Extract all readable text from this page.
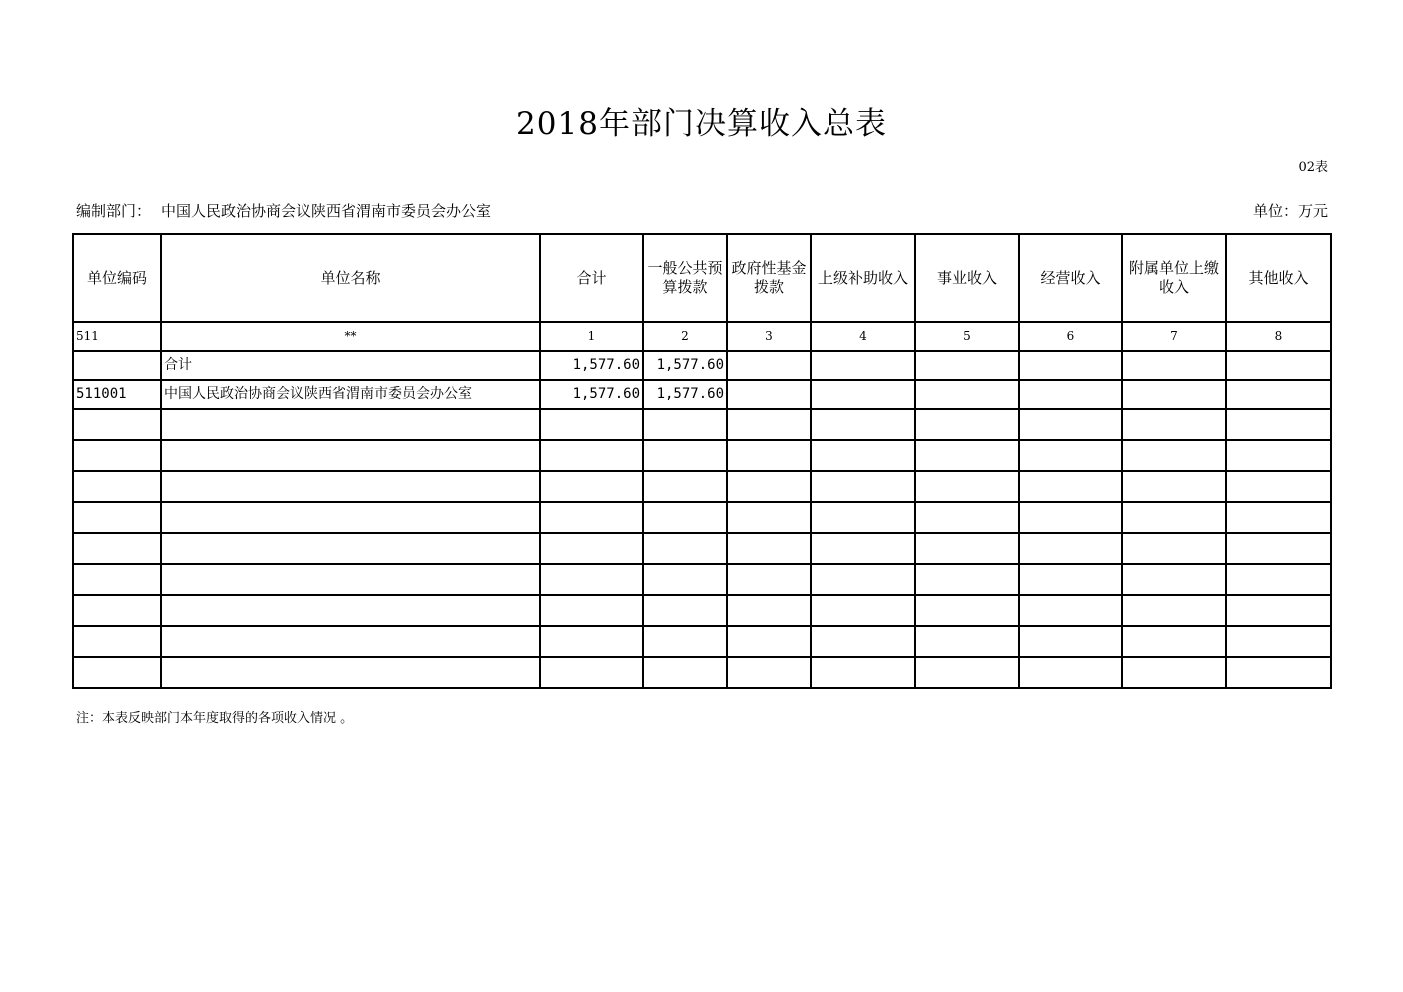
2018年部门决算收入总表
02表
编制部门： 中国人民政治协商会议陕西省渭南市委员会办公室	单位：万元
单位编码	单位名称	合计	一般公共预算拨款	政府性基金拨款	上级补助收入	事业收入	经营收入	附属单位上缴收入	其他收入
511	**	1	2	3	4	5	6	7	8
	合计	1,577.60	1,577.60						
511001	中国人民政治协商会议陕西省渭南市委员会办公室	1,577.60	1,577.60						

注：本表反映部门本年度取得的各项收入情况 。
